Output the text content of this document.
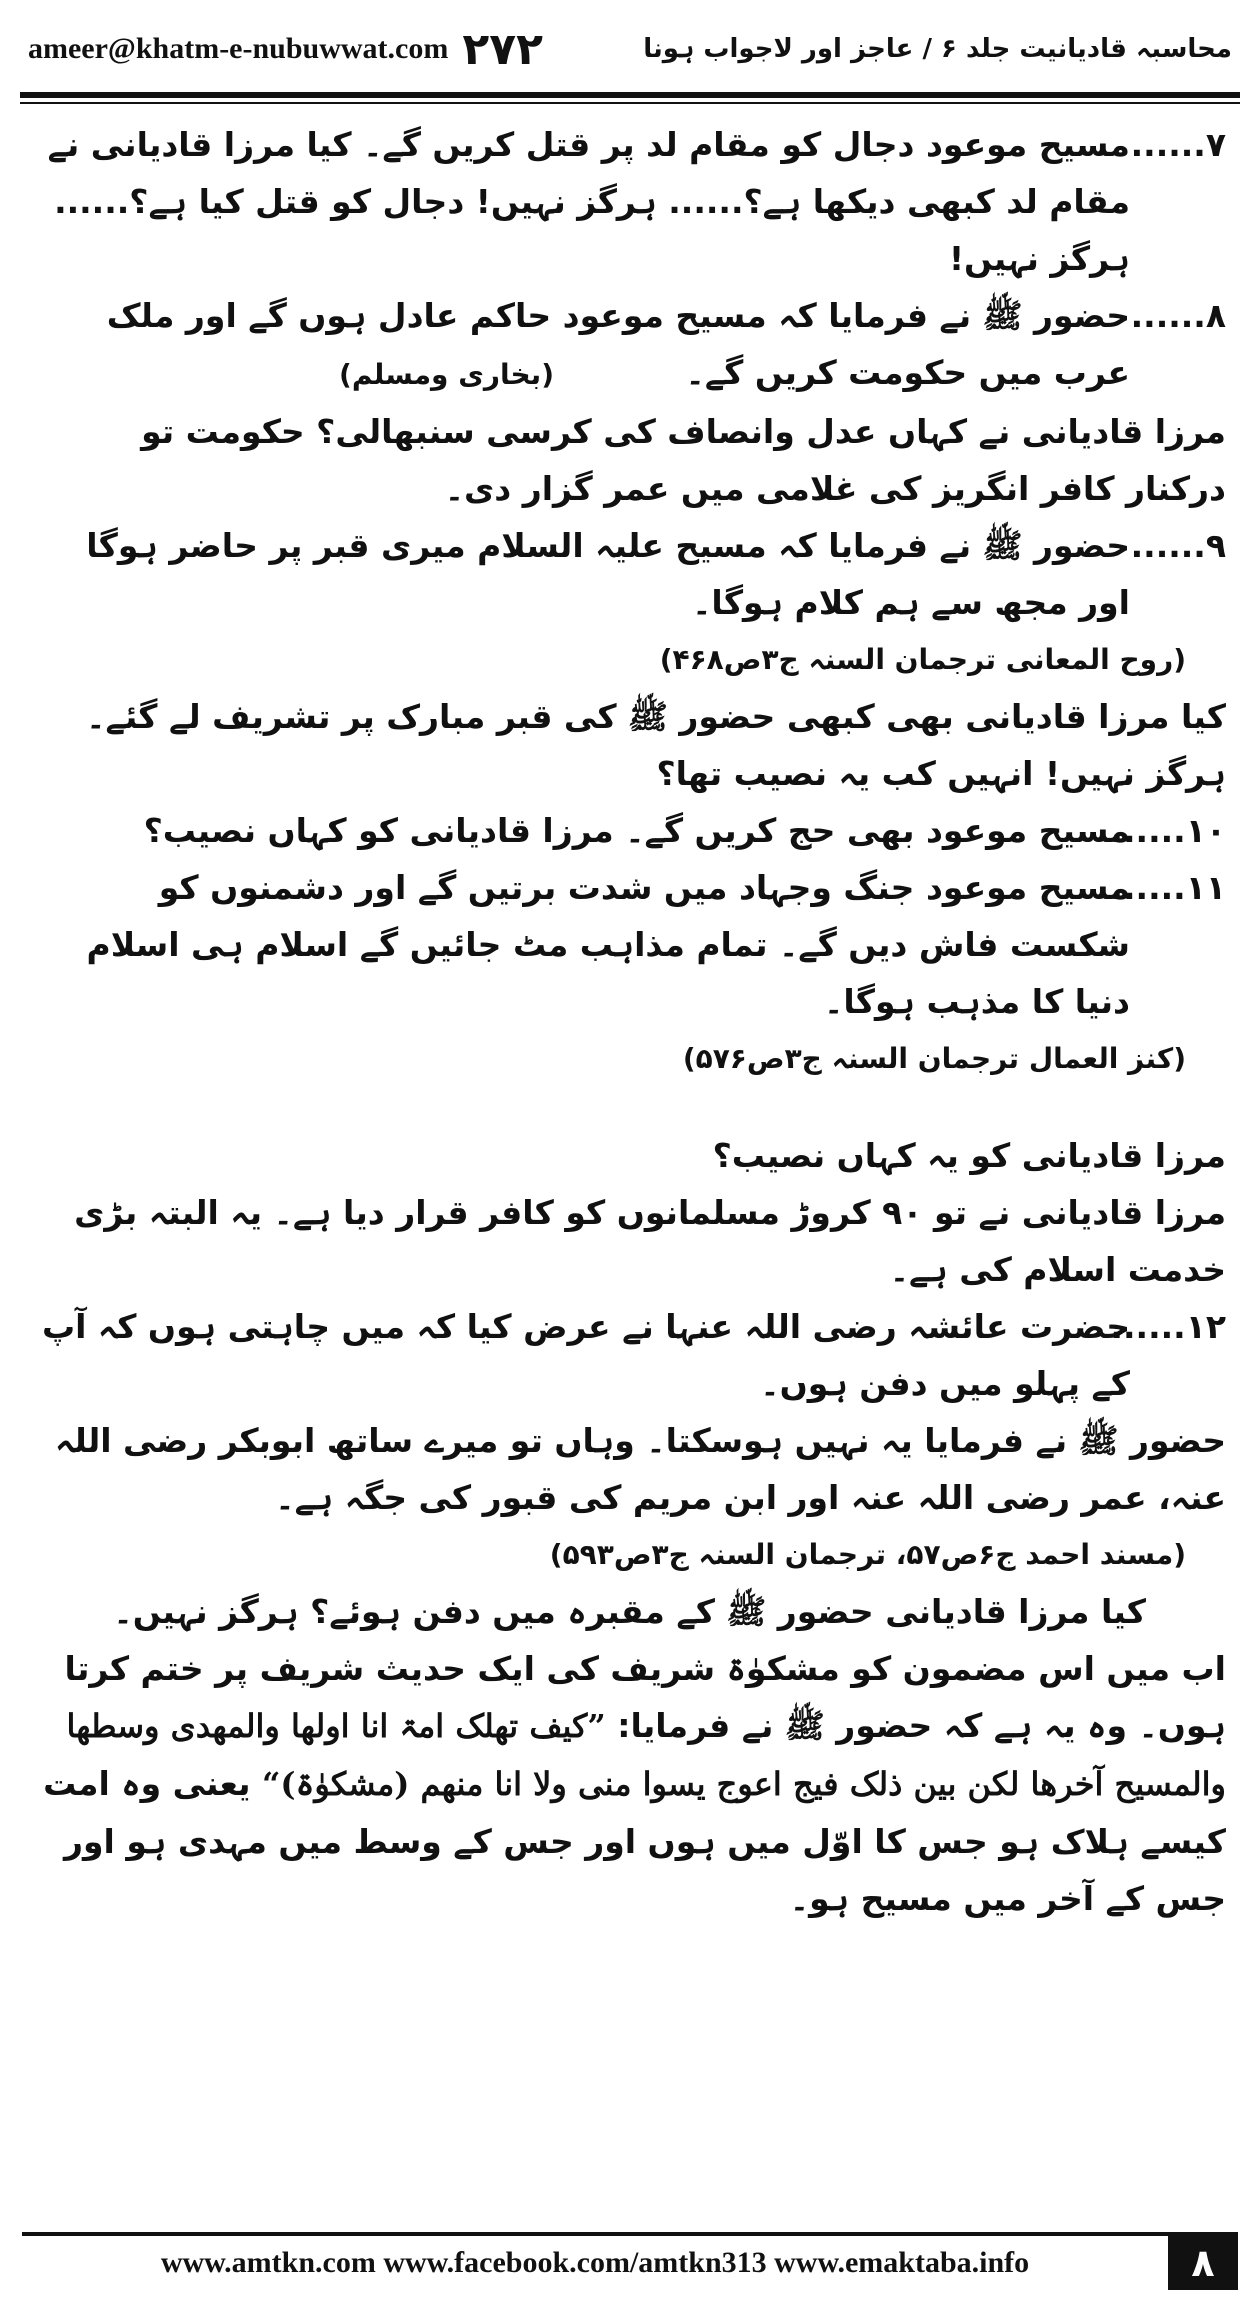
ameer@khatm-e-nubuwwat.com ۲۷۲	محاسبہ قادیانیت جلد ۶ / عاجز اور لاجواب ہونا
۷......
مسیح موعود دجال کو مقام لد پر قتل کریں گے۔ کیا مرزا قادیانی نے مقام لد کبھی دیکھا ہے؟...... ہرگز نہیں! دجال کو قتل کیا ہے؟...... ہرگز نہیں!
۸......
حضور ﷺ نے فرمایا کہ مسیح موعود حاکم عادل ہوں گے اور ملک عرب میں حکومت کریں گے۔ (بخاری ومسلم)

مرزا قادیانی نے کہاں عدل وانصاف کی کرسی سنبھالی؟ حکومت تو درکنار کافر انگریز کی غلامی میں عمر گزار دی۔

۹......
حضور ﷺ نے فرمایا کہ مسیح علیہ السلام میری قبر پر حاضر ہوگا اور مجھ سے ہم کلام ہوگا۔

(روح المعانی ترجمان السنہ ج۳ص۴۶۸)

کیا مرزا قادیانی بھی کبھی حضور ﷺ کی قبر مبارک پر تشریف لے گئے۔ ہرگز نہیں! انہیں کب یہ نصیب تھا؟

۱۰......
مسیح موعود بھی حج کریں گے۔ مرزا قادیانی کو کہاں نصیب؟
۱۱......
مسیح موعود جنگ وجہاد میں شدت برتیں گے اور دشمنوں کو شکست فاش دیں گے۔ تمام مذاہب مٹ جائیں گے اسلام ہی اسلام دنیا کا مذہب ہوگا۔

(کنز العمال ترجمان السنہ ج۳ص۵۷۶)

مرزا قادیانی کو یہ کہاں نصیب؟

مرزا قادیانی نے تو ۹۰ کروڑ مسلمانوں کو کافر قرار دیا ہے۔ یہ البتہ بڑی خدمت اسلام کی ہے۔

۱۲......
حضرت عائشہ رضی اللہ عنہا نے عرض کیا کہ میں چاہتی ہوں کہ آپ کے پہلو میں دفن ہوں۔

حضور ﷺ نے فرمایا یہ نہیں ہوسکتا۔ وہاں تو میرے ساتھ ابوبکر رضی اللہ عنہ، عمر رضی اللہ عنہ اور ابن مریم کی قبور کی جگہ ہے۔

(مسند احمد ج۶ص۵۷، ترجمان السنہ ج۳ص۵۹۳)

کیا مرزا قادیانی حضور ﷺ کے مقبرہ میں دفن ہوئے؟ ہرگز نہیں۔

اب میں اس مضمون کو مشکوٰۃ شریف کی ایک حدیث شریف پر ختم کرتا ہوں۔ وہ یہ ہے کہ حضور ﷺ نے فرمایا: ”کیف تھلک امۃ انا اولھا والمھدی وسطھا والمسیح آخرھا لکن بین ذلک فیج اعوج یسوا منی ولا انا منھم (مشکوٰۃ)“ یعنی وہ امت کیسے ہلاک ہو جس کا اوّل میں ہوں اور جس کے وسط میں مہدی ہو اور جس کے آخر میں مسیح ہو۔

www.amtkn.com www.facebook.com/amtkn313 www.emaktaba.info	۸
